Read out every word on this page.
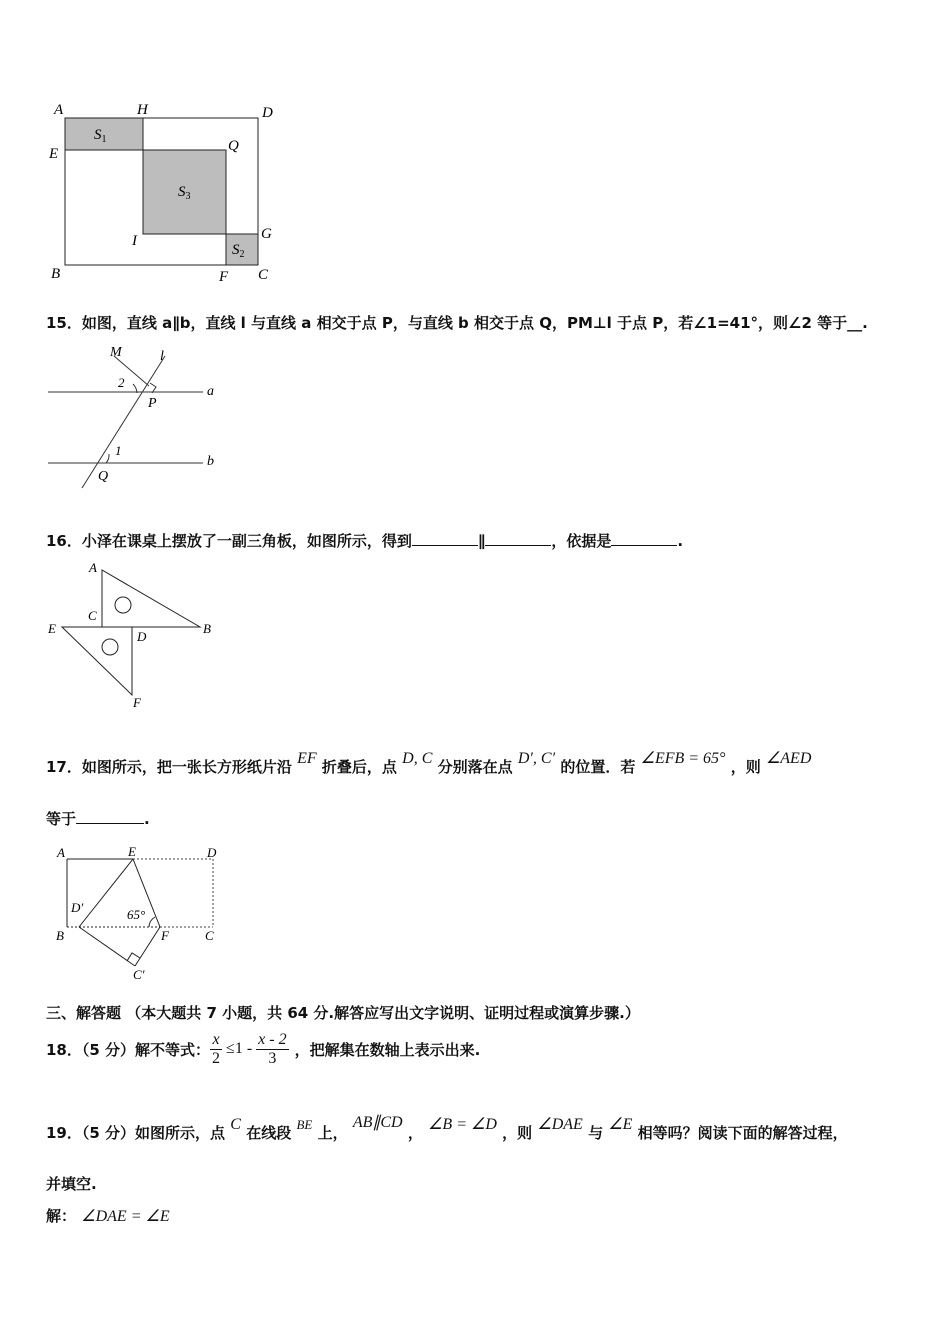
A	H	D
E	Q
I	G
B	F C
$S_1$
$S_3$
$S_2$
15．如图，直线 a∥b，直线 l 与直线 a 相交于点 P，与直线 b 相交于点 Q，PM⊥l 于点 P，若∠1=41°，则∠2 等于__.
M	l
2
P
a
1
Q
b
16．小泽在课桌上摆放了一副三角板，如图所示，得到	∥	，依据是	.
A
C
E
D
B
F
17．如图所示，把一张长方形纸片沿 EF 折叠后，点 D, C 分别落在点 D′, C′ 的位置．若 ∠EFB = 65° ，则 ∠AED
等于	.
A	E	D
D′	65°
B	F	C
C′
三、解答题 （本大题共 7 小题，共 64 分.解答应写出文字说明、证明过程或演算步骤.）
18．（5 分）解不等式： $\frac{x}{2} \le 1 - \frac{x - 2}{3}$ ，把解集在数轴上表示出来.
19．（5 分）如图所示，点 C 在线段 BE 上， AB∥CD ， ∠B = ∠D ，则 ∠DAE 与 ∠E 相等吗？阅读下面的解答过程，
并填空.
解： ∠DAE = ∠E
